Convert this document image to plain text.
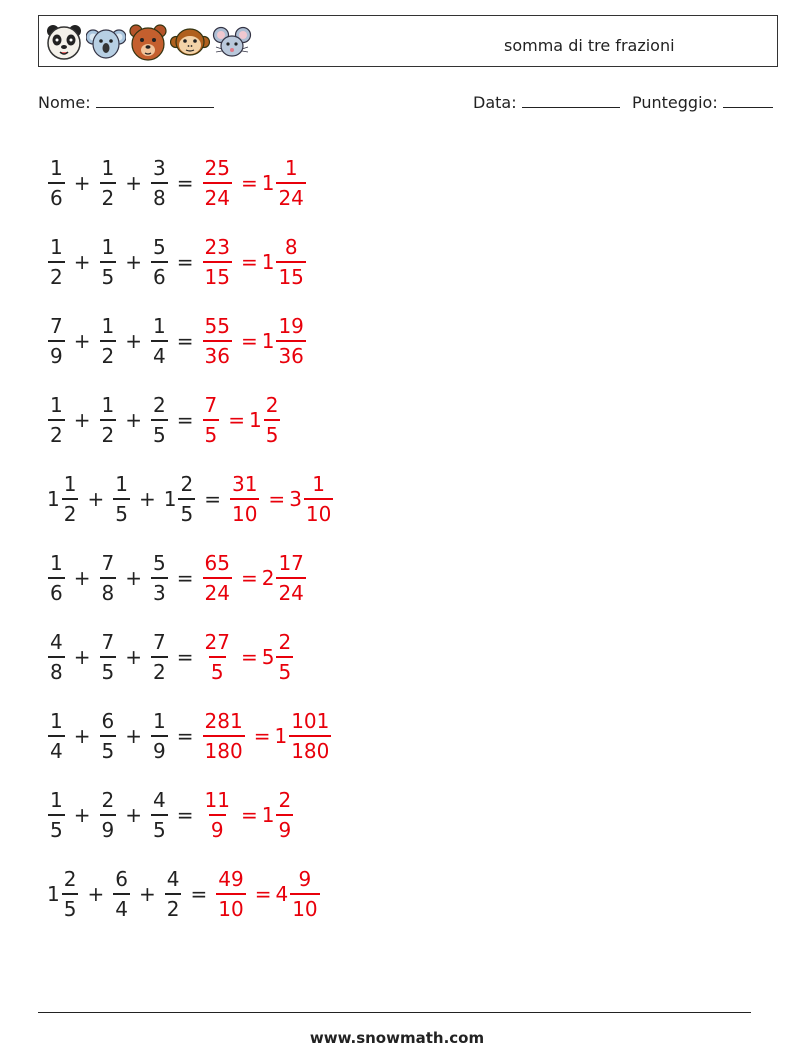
somma di tre frazioni
Nome:	Data:	Punteggio:
$\frac{1}{6} + \frac{1}{2} + \frac{3}{8} = \frac{25}{24} = 1 \frac{1}{24}$
$\frac{1}{2} + \frac{1}{5} + \frac{5}{6} = \frac{23}{15} = 1 \frac{8}{15}$
$\frac{7}{9} + \frac{1}{2} + \frac{1}{4} = \frac{55}{36} = 1 \frac{19}{36}$
$\frac{1}{2} + \frac{1}{2} + \frac{2}{5} = \frac{7}{5} = 1 \frac{2}{5}$
$1 \frac{1}{2} + \frac{1}{5} + 1 \frac{2}{5} = \frac{31}{10} = 3 \frac{1}{10}$
$\frac{1}{6} + \frac{7}{8} + \frac{5}{3} = \frac{65}{24} = 2 \frac{17}{24}$
$\frac{4}{8} + \frac{7}{5} + \frac{7}{2} = \frac{27}{5} = 5 \frac{2}{5}$
$\frac{1}{4} + \frac{6}{5} + \frac{1}{9} = \frac{281}{180} = 1 \frac{101}{180}$
$\frac{1}{5} + \frac{2}{9} + \frac{4}{5} = \frac{11}{9} = 1 \frac{2}{9}$
$1 \frac{2}{5} + \frac{6}{4} + \frac{4}{2} = \frac{49}{10} = 4 \frac{9}{10}$
www.snowmath.com
